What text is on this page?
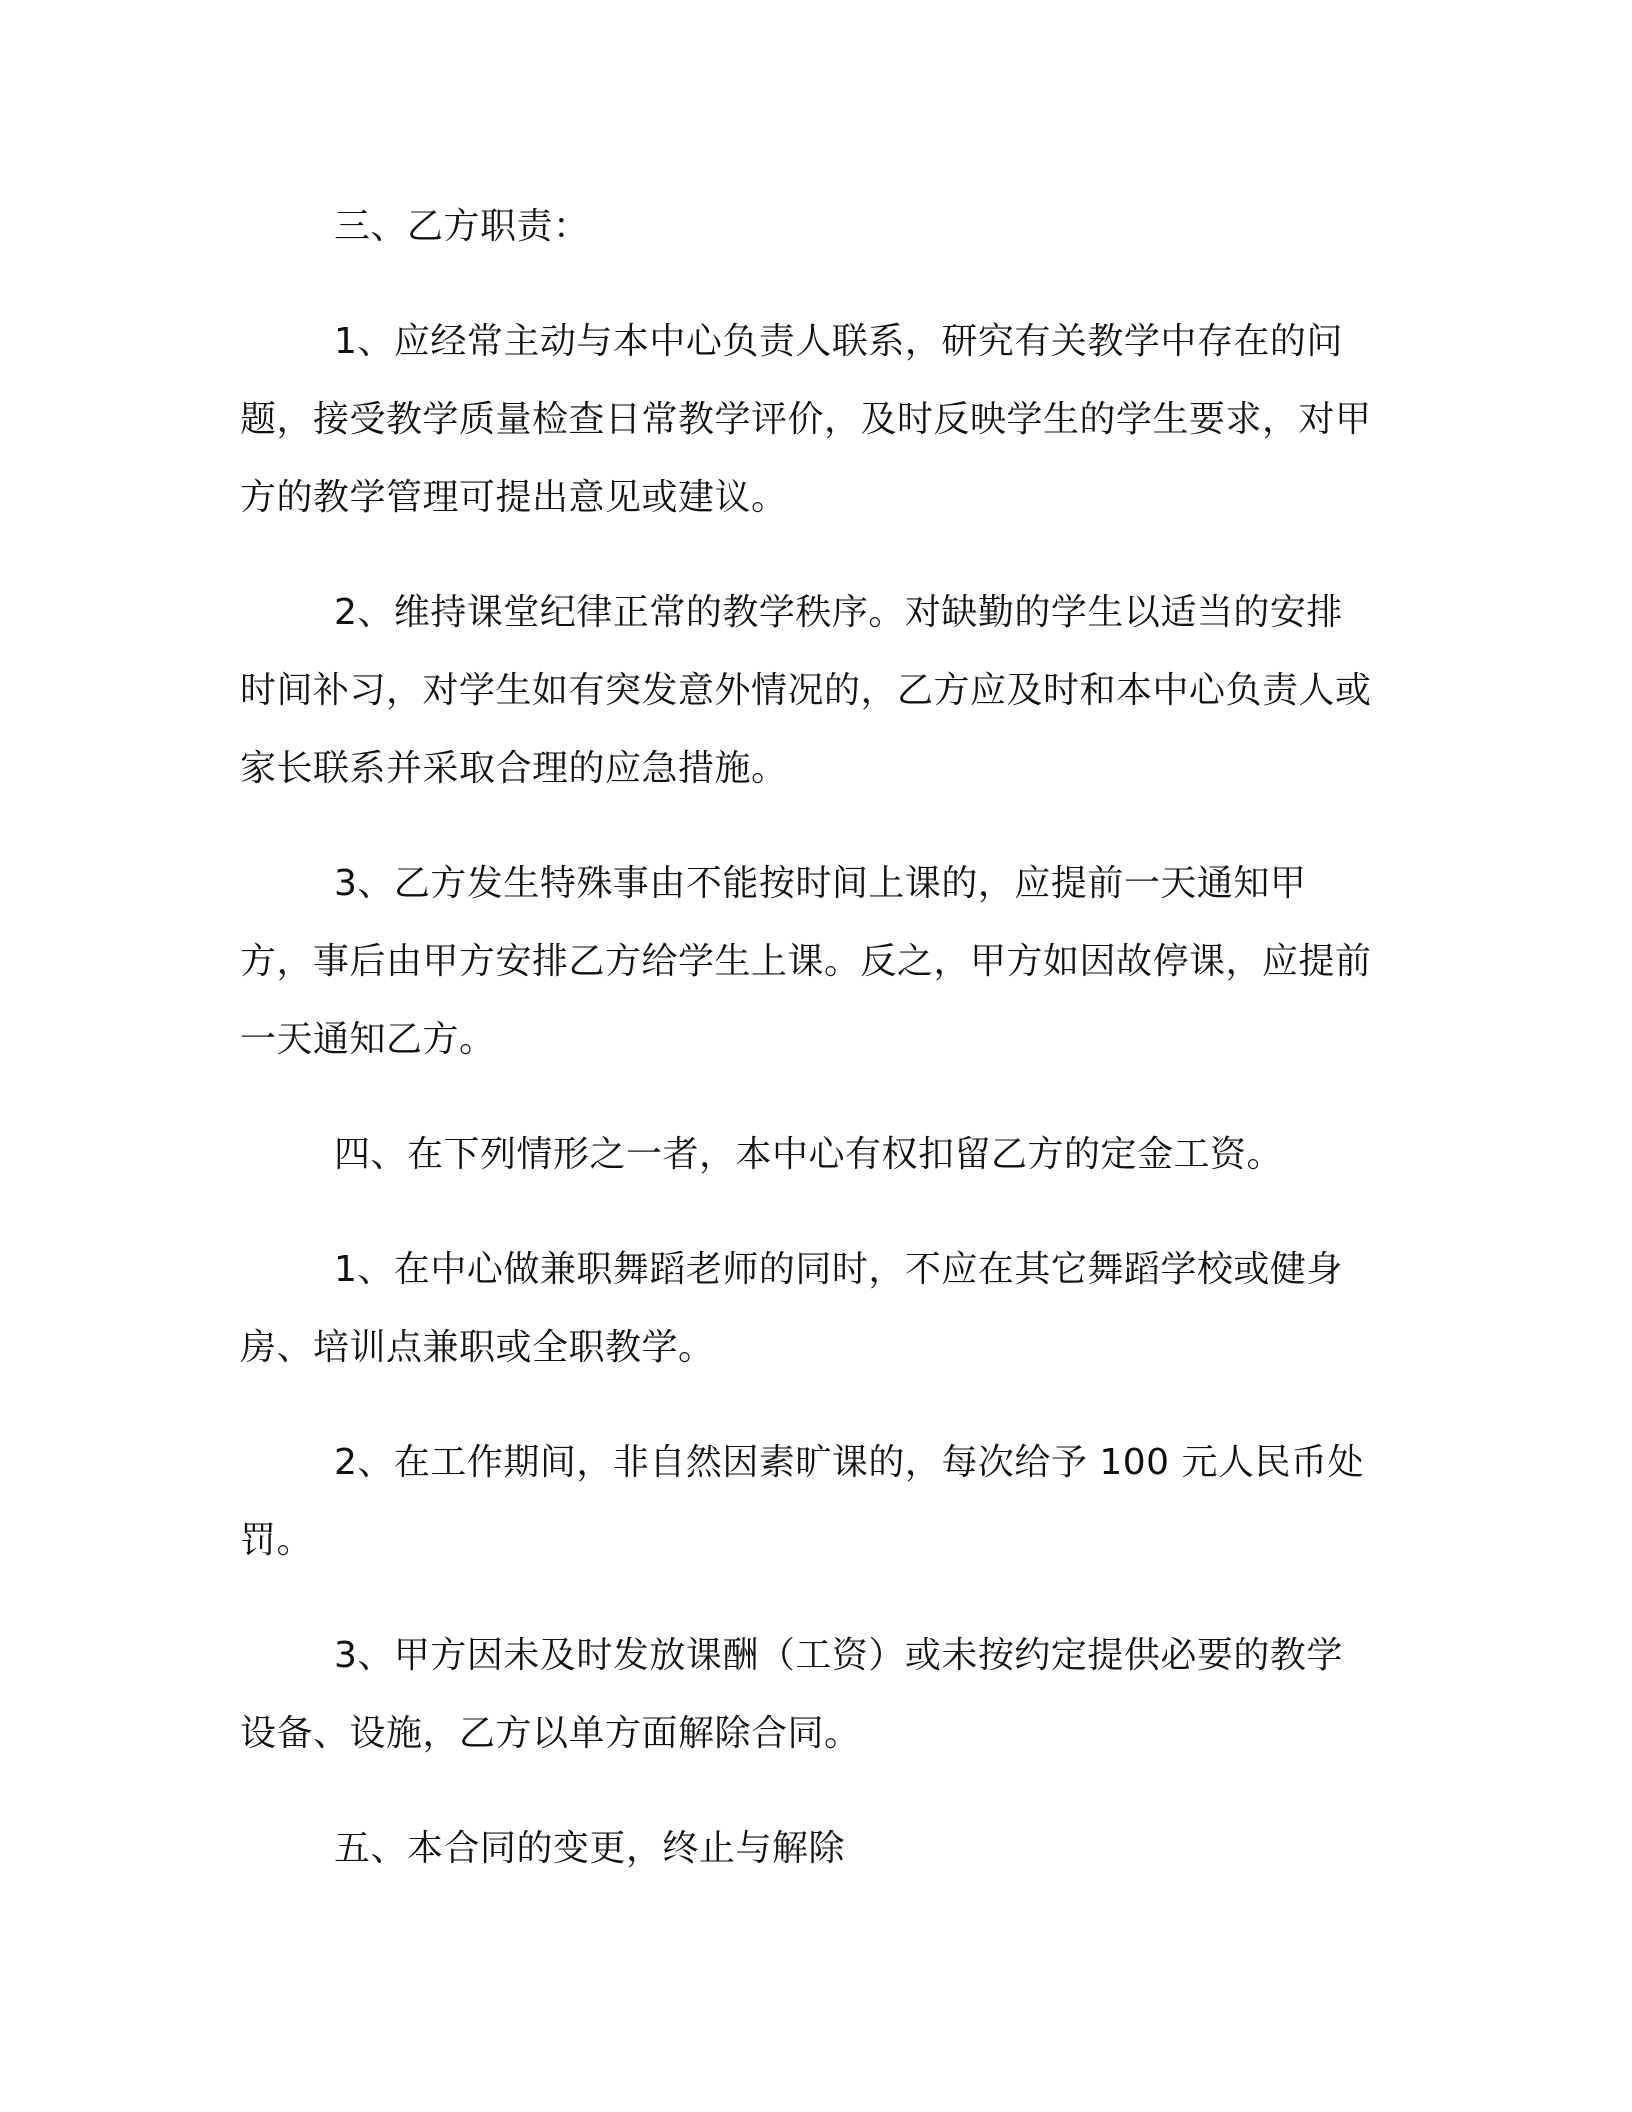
三、乙方职责：

1、应经常主动与本中心负责人联系，研究有关教学中存在的问题，接受教学质量检查日常教学评价，及时反映学生的学生要求，对甲方的教学管理可提出意见或建议。

2、维持课堂纪律正常的教学秩序。对缺勤的学生以适当的安排时间补习，对学生如有突发意外情况的，乙方应及时和本中心负责人或家长联系并采取合理的应急措施。

3、乙方发生特殊事由不能按时间上课的，应提前一天通知甲方，事后由甲方安排乙方给学生上课。反之，甲方如因故停课，应提前一天通知乙方。

四、在下列情形之一者，本中心有权扣留乙方的定金工资。

1、在中心做兼职舞蹈老师的同时，不应在其它舞蹈学校或健身房、培训点兼职或全职教学。

2、在工作期间，非自然因素旷课的，每次给予 100 元人民币处罚。

3、甲方因未及时发放课酬（工资）或未按约定提供必要的教学设备、设施，乙方以单方面解除合同。

五、本合同的变更，终止与解除
